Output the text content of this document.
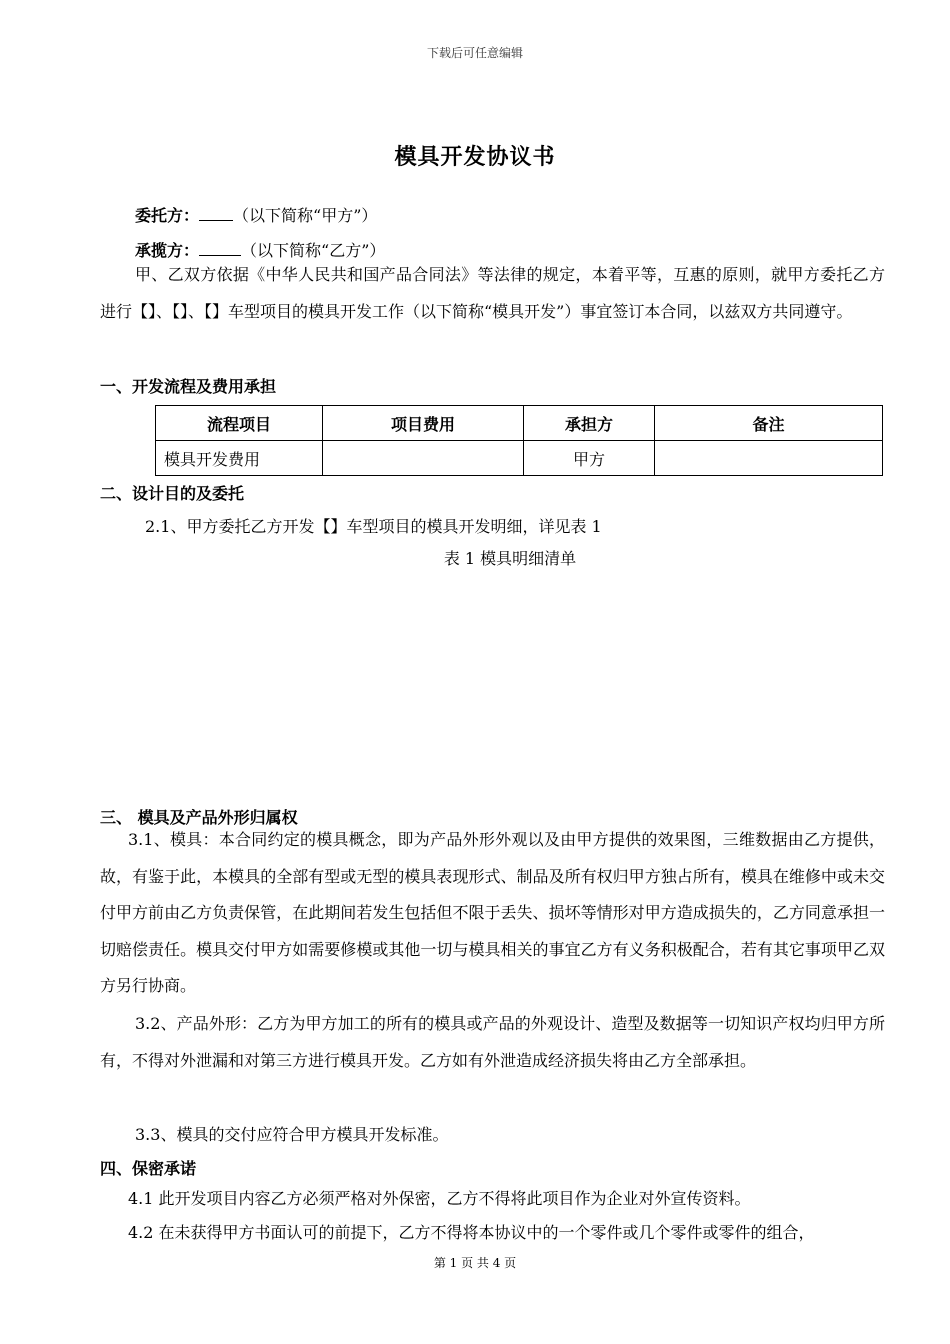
下载后可任意编辑
模具开发协议书
委托方： （以下简称“甲方”）
承揽方：	（以下简称“乙方”）
甲、乙双方依据《中华人民共和国产品合同法》等法律的规定，本着平等，互惠的原则，就甲方委托乙方进行【】、【】、【】车型项目的模具开发工作（以下简称“模具开发”）事宜签订本合同，以兹双方共同遵守。
一、开发流程及费用承担
流程项目	项目费用	承担方	备注
模具开发费用		甲方	
二、设计目的及委托
2.1、甲方委托乙方开发【】车型项目的模具开发明细，详见表 1
表 1 模具明细清单
三、 模具及产品外形归属权
3.1、模具：本合同约定的模具概念，即为产品外形外观以及由甲方提供的效果图，三维数据由乙方提供，故，有鉴于此，本模具的全部有型或无型的模具表现形式、制品及所有权归甲方独占所有，模具在维修中或未交付甲方前由乙方负责保管，在此期间若发生包括但不限于丢失、损坏等情形对甲方造成损失的，乙方同意承担一切赔偿责任。模具交付甲方如需要修模或其他一切与模具相关的事宜乙方有义务积极配合，若有其它事项甲乙双方另行协商。
3.2、产品外形：乙方为甲方加工的所有的模具或产品的外观设计、造型及数据等一切知识产权均归甲方所有，不得对外泄漏和对第三方进行模具开发。乙方如有外泄造成经济损失将由乙方全部承担。
3.3、模具的交付应符合甲方模具开发标准。
四、保密承诺
4.1 此开发项目内容乙方必须严格对外保密，乙方不得将此项目作为企业对外宣传资料。
4.2 在未获得甲方书面认可的前提下，乙方不得将本协议中的一个零件或几个零件或零件的组合，
第 1 页 共 4 页
